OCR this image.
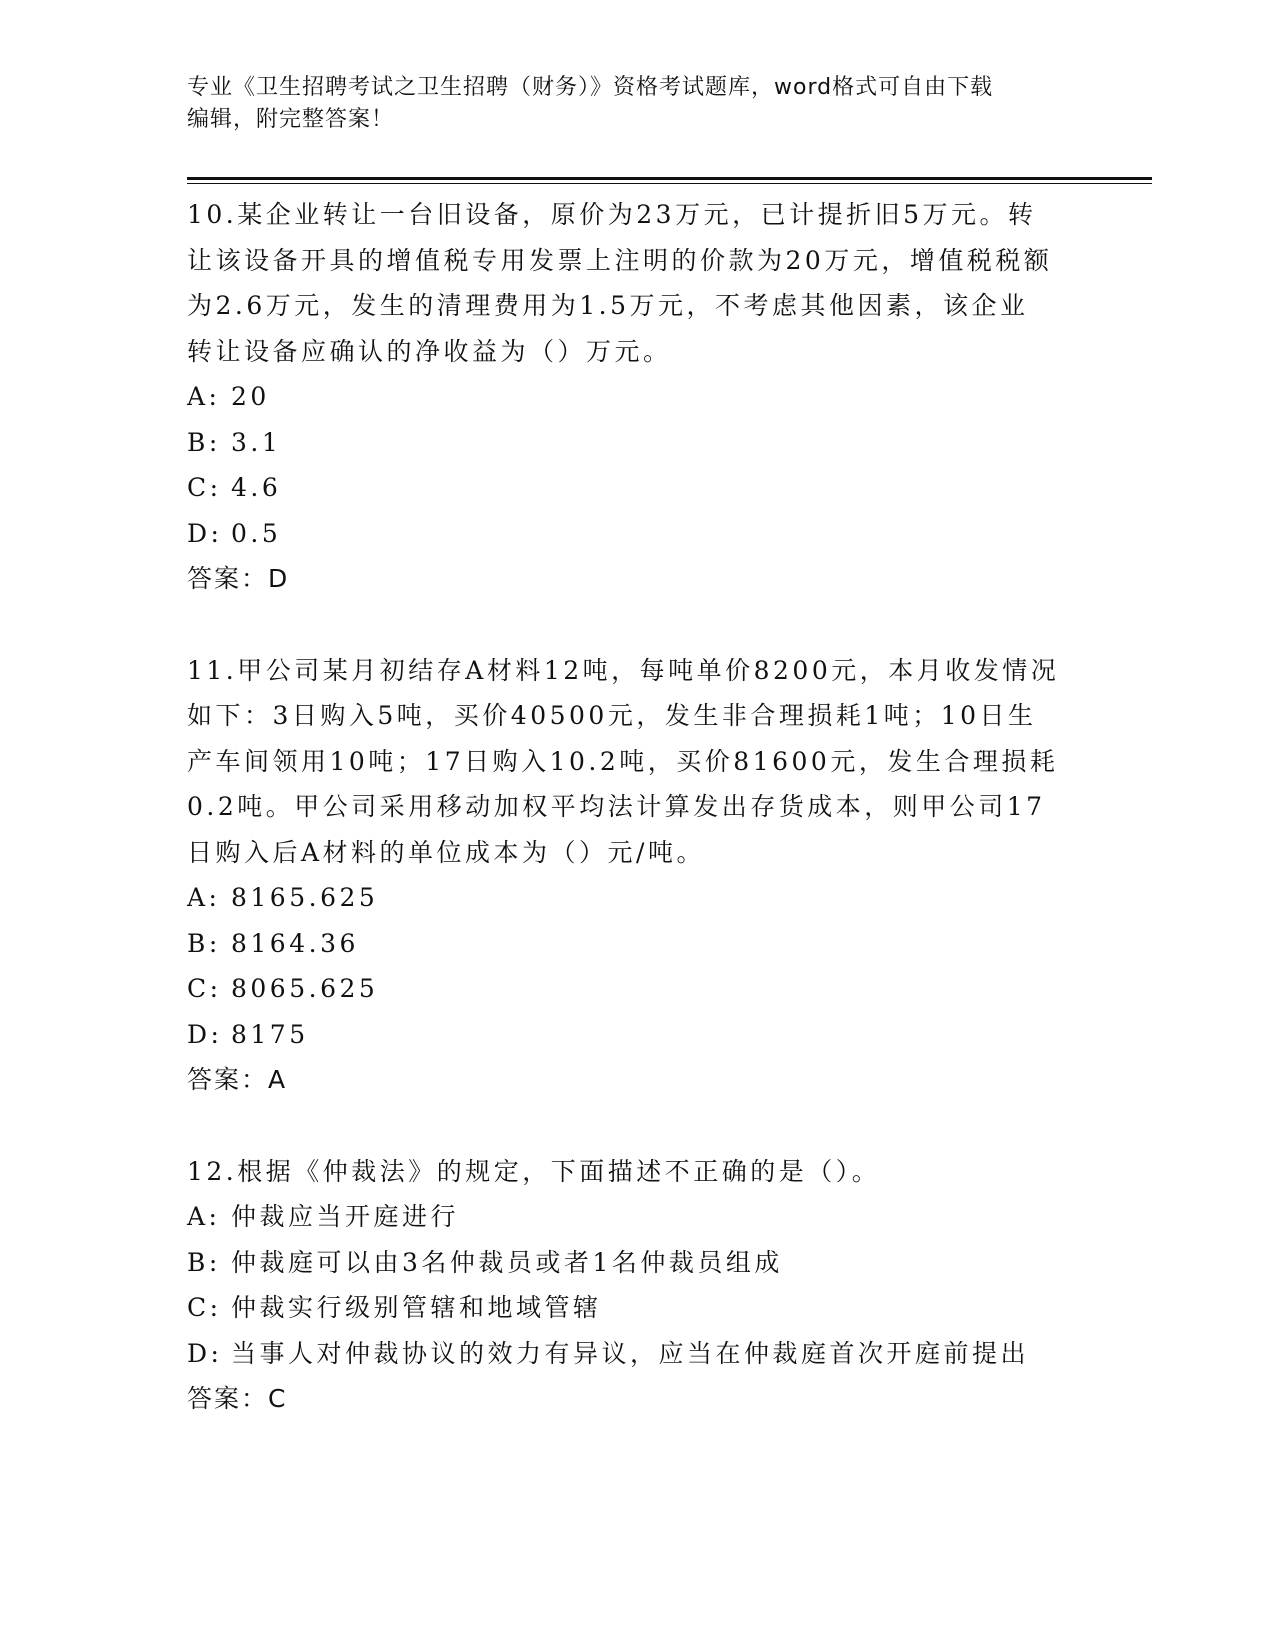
专业《卫生招聘考试之卫生招聘（财务）》资格考试题库，word格式可自由下载
编辑，附完整答案！
10.某企业转让一台旧设备，原价为23万元，已计提折旧5万元。转
让该设备开具的增值税专用发票上注明的价款为20万元，增值税税额
为2.6万元，发生的清理费用为1.5万元，不考虑其他因素，该企业
转让设备应确认的净收益为（）万元。
A: 20
B: 3.1
C: 4.6
D: 0.5
答案：D
11.甲公司某月初结存A材料12吨，每吨单价8200元，本月收发情况
如下：3日购入5吨，买价40500元，发生非合理损耗1吨；10日生
产车间领用10吨；17日购入10.2吨，买价81600元，发生合理损耗
0.2吨。甲公司采用移动加权平均法计算发出存货成本，则甲公司17
日购入后A材料的单位成本为（）元/吨。
A: 8165.625
B: 8164.36
C: 8065.625
D: 8175
答案：A
12.根据《仲裁法》的规定，下面描述不正确的是（）。
A: 仲裁应当开庭进行
B: 仲裁庭可以由3名仲裁员或者1名仲裁员组成
C: 仲裁实行级别管辖和地域管辖
D: 当事人对仲裁协议的效力有异议，应当在仲裁庭首次开庭前提出
答案：C
